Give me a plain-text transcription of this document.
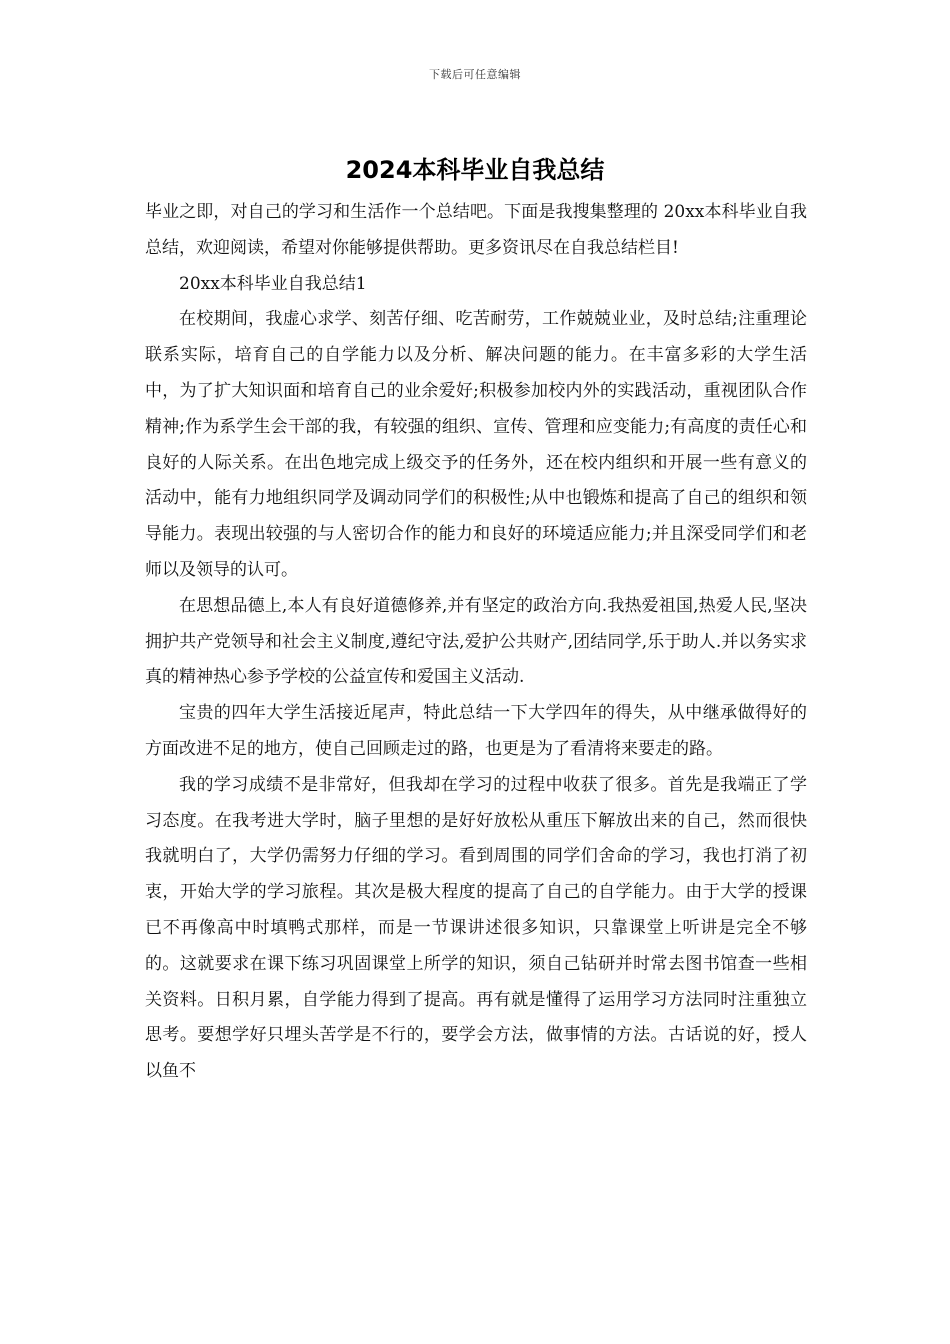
下载后可任意编辑
2024本科毕业自我总结

毕业之即，对自己的学习和生活作一个总结吧。下面是我搜集整理的 20xx本科毕业自我总结，欢迎阅读，希望对你能够提供帮助。更多资讯尽在自我总结栏目!

20xx本科毕业自我总结1

在校期间，我虚心求学、刻苦仔细、吃苦耐劳，工作兢兢业业，及时总结;注重理论联系实际，培育自己的自学能力以及分析、解决问题的能力。在丰富多彩的大学生活中，为了扩大知识面和培育自己的业余爱好;积极参加校内外的实践活动，重视团队合作精神;作为系学生会干部的我，有较强的组织、宣传、管理和应变能力;有高度的责任心和良好的人际关系。在出色地完成上级交予的任务外，还在校内组织和开展一些有意义的活动中，能有力地组织同学及调动同学们的积极性;从中也锻炼和提高了自己的组织和领导能力。表现出较强的与人密切合作的能力和良好的环境适应能力;并且深受同学们和老师以及领导的认可。

在思想品德上,本人有良好道德修养,并有坚定的政治方向.我热爱祖国,热爱人民,坚决拥护共产党领导和社会主义制度,遵纪守法,爱护公共财产,团结同学,乐于助人.并以务实求真的精神热心参予学校的公益宣传和爱国主义活动.

宝贵的四年大学生活接近尾声，特此总结一下大学四年的得失，从中继承做得好的方面改进不足的地方，使自己回顾走过的路，也更是为了看清将来要走的路。

我的学习成绩不是非常好，但我却在学习的过程中收获了很多。首先是我端正了学习态度。在我考进大学时，脑子里想的是好好放松从重压下解放出来的自己，然而很快我就明白了，大学仍需努力仔细的学习。看到周围的同学们舍命的学习，我也打消了初衷，开始大学的学习旅程。其次是极大程度的提高了自己的自学能力。由于大学的授课已不再像高中时填鸭式那样，而是一节课讲述很多知识，只靠课堂上听讲是完全不够的。这就要求在课下练习巩固课堂上所学的知识，须自己钻研并时常去图书馆查一些相关资料。日积月累，自学能力得到了提高。再有就是懂得了运用学习方法同时注重独立思考。要想学好只埋头苦学是不行的，要学会方法，做事情的方法。古话说的好，授人以鱼不
